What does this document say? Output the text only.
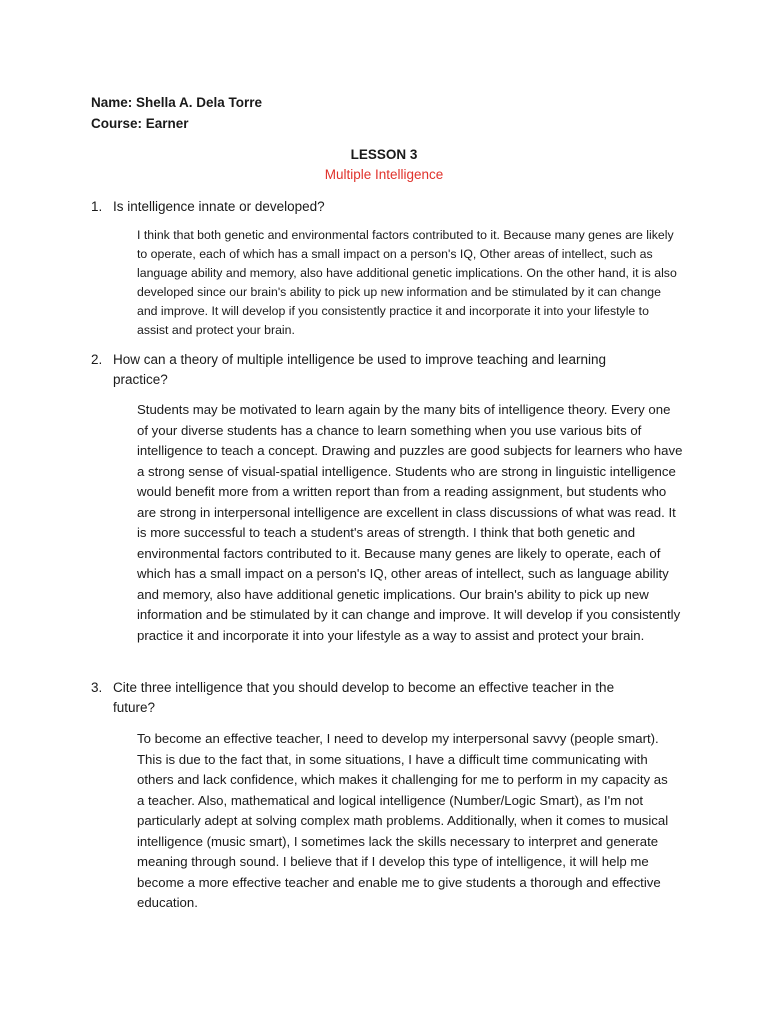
Name: Shella A. Dela Torre
Course: Earner
LESSON 3
Multiple Intelligence
1. Is intelligence innate or developed?
I think that both genetic and environmental factors contributed to it. Because many genes are likely to operate, each of which has a small impact on a person's IQ, Other areas of intellect, such as language ability and memory, also have additional genetic implications. On the other hand, it is also developed since our brain's ability to pick up new information and be stimulated by it can change and improve. It will develop if you consistently practice it and incorporate it into your lifestyle to assist and protect your brain.
2. How can a theory of multiple intelligence be used to improve teaching and learning practice?
Students may be motivated to learn again by the many bits of intelligence theory. Every one of your diverse students has a chance to learn something when you use various bits of intelligence to teach a concept. Drawing and puzzles are good subjects for learners who have a strong sense of visual-spatial intelligence. Students who are strong in linguistic intelligence would benefit more from a written report than from a reading assignment, but students who are strong in interpersonal intelligence are excellent in class discussions of what was read. It is more successful to teach a student's areas of strength. I think that both genetic and environmental factors contributed to it. Because many genes are likely to operate, each of which has a small impact on a person's IQ, other areas of intellect, such as language ability and memory, also have additional genetic implications. Our brain's ability to pick up new information and be stimulated by it can change and improve. It will develop if you consistently practice it and incorporate it into your lifestyle as a way to assist and protect your brain.
3. Cite three intelligence that you should develop to become an effective teacher in the future?
To become an effective teacher, I need to develop my interpersonal savvy (people smart). This is due to the fact that, in some situations, I have a difficult time communicating with others and lack confidence, which makes it challenging for me to perform in my capacity as a teacher. Also, mathematical and logical intelligence (Number/Logic Smart), as I'm not particularly adept at solving complex math problems. Additionally, when it comes to musical intelligence (music smart), I sometimes lack the skills necessary to interpret and generate meaning through sound. I believe that if I develop this type of intelligence, it will help me become a more effective teacher and enable me to give students a thorough and effective education.
